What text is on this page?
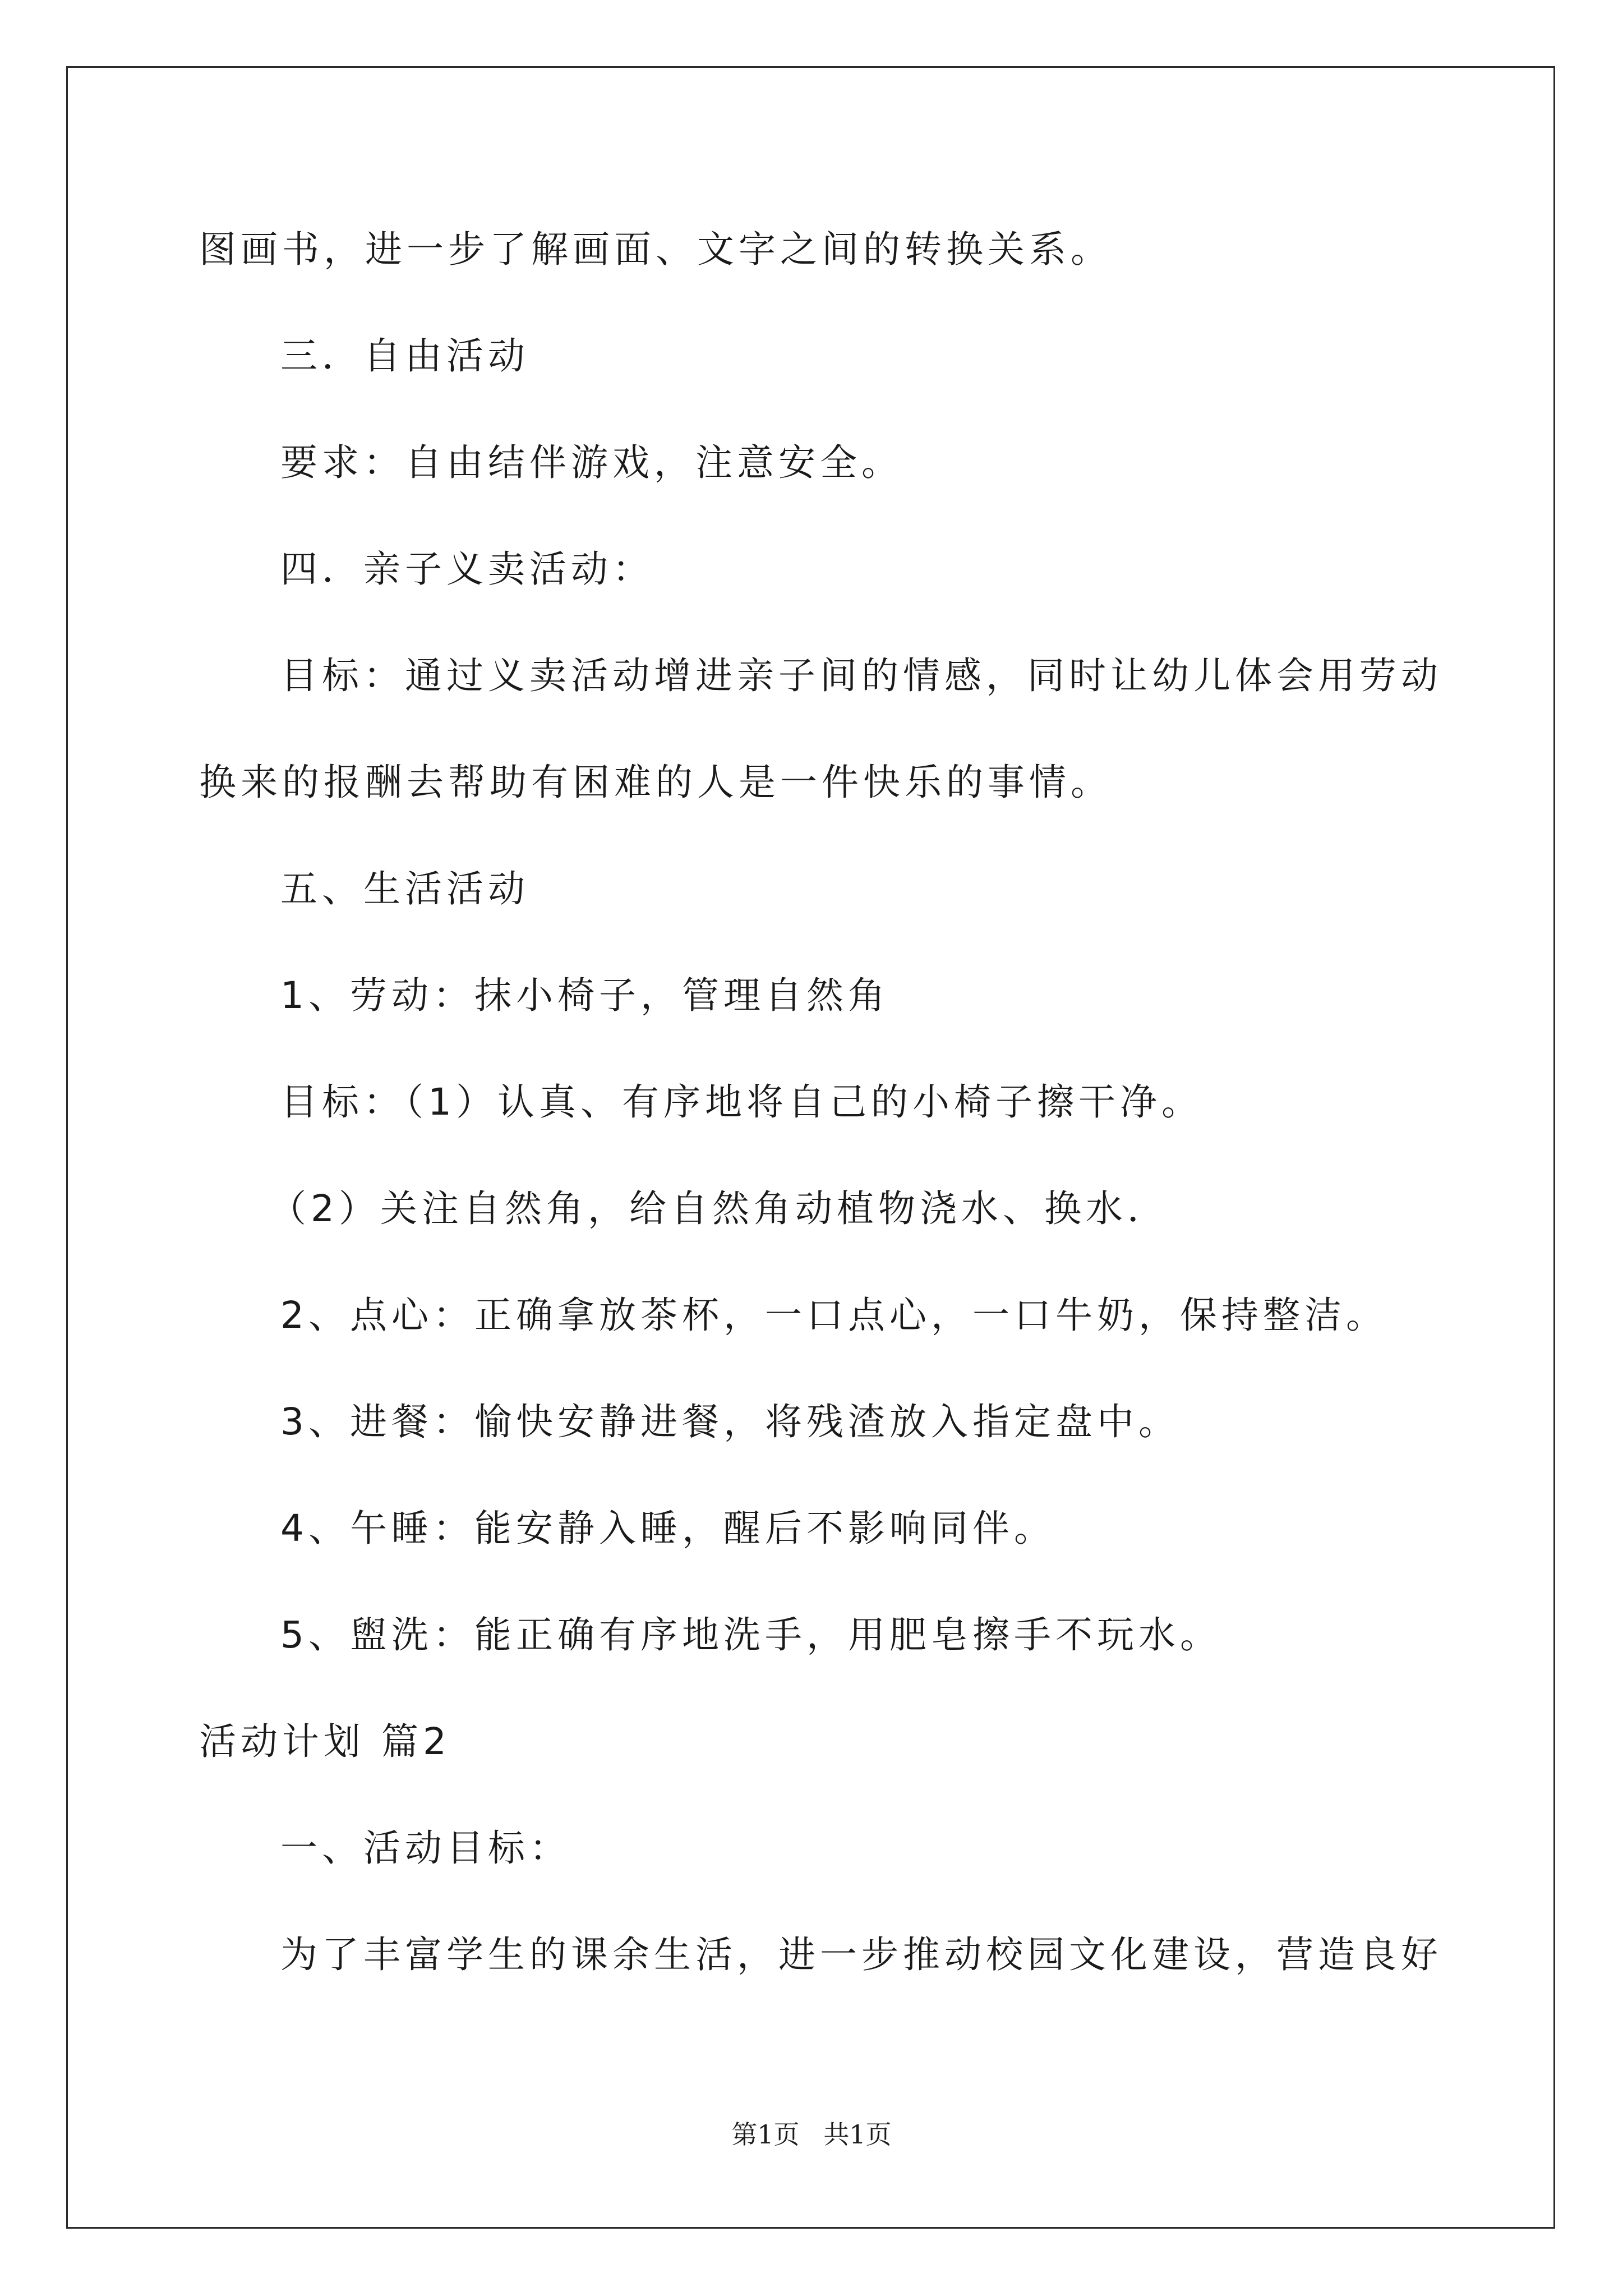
图画书，进一步了解画面、文字之间的转换关系。
三．自由活动
要求：自由结伴游戏，注意安全。
四．亲子义卖活动：
目标：通过义卖活动增进亲子间的情感，同时让幼儿体会用劳动
换来的报酬去帮助有困难的人是一件快乐的事情。
五、生活活动
1、劳动：抹小椅子，管理自然角
目标：（1）认真、有序地将自己的小椅子擦干净。
（2）关注自然角，给自然角动植物浇水、换水．
2、点心：正确拿放茶杯，一口点心，一口牛奶，保持整洁。
3、进餐：愉快安静进餐，将残渣放入指定盘中。
4、午睡：能安静入睡，醒后不影响同伴。
5、盥洗：能正确有序地洗手，用肥皂擦手不玩水。
活动计划 篇2
一、活动目标：
为了丰富学生的课余生活，进一步推动校园文化建设，营造良好
第1页 共1页
